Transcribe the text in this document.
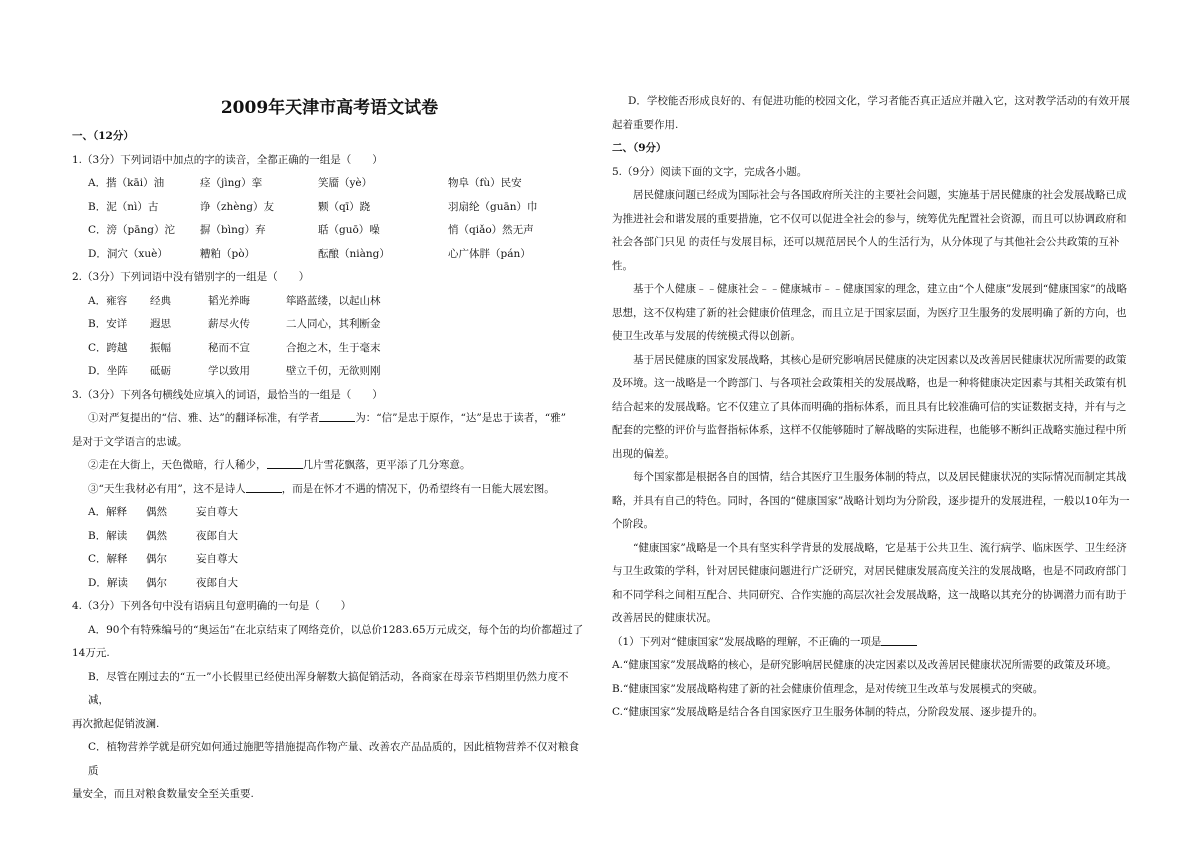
2009年天津市高考语文试卷

一、（12分）

1.（3分）下列词语中加点的字的读音，全都正确的一组是（　　）

A．揩（kāi）油	痉（jìng）挛	笑靥（yè）	物阜（fù）民安
B．泥（nì）古	诤（zhèng）友	颗（qī）跷	羽扇纶（guān）巾
C．滂（pāng）沱 摒（bìng）弃	聒（guō）噪	悄（qiǎo）然无声
D．洞穴（xuè）	糟粕（pò）	酝酿（niàng）	心广体胖（pán）

2.（3分）下列词语中没有错别字的一组是（　　）

A．雍容 经典	韬光养晦	筚路蓝缕，以起山林
B．安详 遐思	薪尽火传	二人同心，其利断金
C．跨越 振幅	秘而不宣	合抱之木，生于毫末
D．坐阵 砥砺	学以致用	壁立千仞，无欲则刚

3.（3分）下列各句横线处应填入的词语，最恰当的一组是（　　）

①对严复提出的“信、雅、达”的翻译标准，有学者	为：“信”是忠于原作，“达”是忠于读者，“雅”

是对于文学语言的忠诚。

②走在大街上，天色微暗，行人稀少，	几片雪花飘落，更平添了几分寒意。

③“天生我材必有用”，这不是诗人	，而是在怀才不遇的情况下，仍希望终有一日能大展宏图。

A．解释 偶然	妄自尊大
B．解读 偶然	夜郎自大
C．解释 偶尔	妄自尊大
D．解读 偶尔	夜郎自大

4.（3分）下列各句中没有语病且句意明确的一句是（　　）

A．90个有特殊编号的“奥运缶”在北京结束了网络竞价，以总价1283.65万元成交，每个缶的均价都超过了

14万元.

B．尽管在刚过去的“五一”小长假里已经使出浑身解数大搞促销活动，各商家在母亲节档期里仍然力度不减，

再次掀起促销波澜.

C．植物营养学就是研究如何通过施肥等措施提高作物产量、改善农产品品质的，因此植物营养不仅对粮食质

量安全，而且对粮食数量安全至关重要.

D．学校能否形成良好的、有促进功能的校园文化，学习者能否真正适应并融入它，这对教学活动的有效开展

起着重要作用.

二、（9分）

5.（9分）阅读下面的文字，完成各小题。

居民健康问题已经成为国际社会与各国政府所关注的主要社会问题，实施基于居民健康的社会发展战略已成为推进社会和谐发展的重要措施，它不仅可以促进全社会的参与，统筹优先配置社会资源，而且可以协调政府和社会各部门只见 的责任与发展目标，还可以规范居民个人的生活行为，从分体现了与其他社会公共政策的互补性。

基于个人健康﹣﹣健康社会﹣﹣健康城市﹣﹣健康国家的理念，建立由“个人健康”发展到“健康国家”的战略思想，这不仅构建了新的社会健康价值理念，而且立足于国家层面，为医疗卫生服务的发展明确了新的方向，也使卫生改革与发展的传统模式得以创新。

基于居民健康的国家发展战略，其核心是研究影响居民健康的决定因素以及改善居民健康状况所需要的政策及环境。这一战略是一个跨部门、与各项社会政策相关的发展战略，也是一种将健康决定因素与其相关政策有机结合起来的发展战略。它不仅建立了具体而明确的指标体系，而且具有比较准确可信的实证数据支持，并有与之配套的完整的评价与监督指标体系，这样不仅能够随时了解战略的实际进程，也能够不断纠正战略实施过程中所出现的偏差。

每个国家都是根据各自的国情，结合其医疗卫生服务体制的特点，以及居民健康状况的实际情况而制定其战略，并具有自己的特色。同时，各国的“健康国家”战略计划均为分阶段，逐步提升的发展进程，一般以10年为一个阶段。

“健康国家”战略是一个具有坚实科学背景的发展战略，它是基于公共卫生、流行病学、临床医学、卫生经济与卫生政策的学科，针对居民健康问题进行广泛研究，对居民健康发展高度关注的发展战略，也是不同政府部门和不同学科之间相互配合、共同研究、合作实施的高层次社会发展战略，这一战略以其充分的协调潜力而有助于改善居民的健康状况。

（1）下列对“健康国家”发展战略的理解，不正确的一项是

A.“健康国家”发展战略的核心，是研究影响居民健康的决定因素以及改善居民健康状况所需要的政策及环境。

B.“健康国家”发展战略构建了新的社会健康价值理念，是对传统卫生改革与发展模式的突破。

C.“健康国家”发展战略是结合各自国家医疗卫生服务体制的特点，分阶段发展、逐步提升的。
